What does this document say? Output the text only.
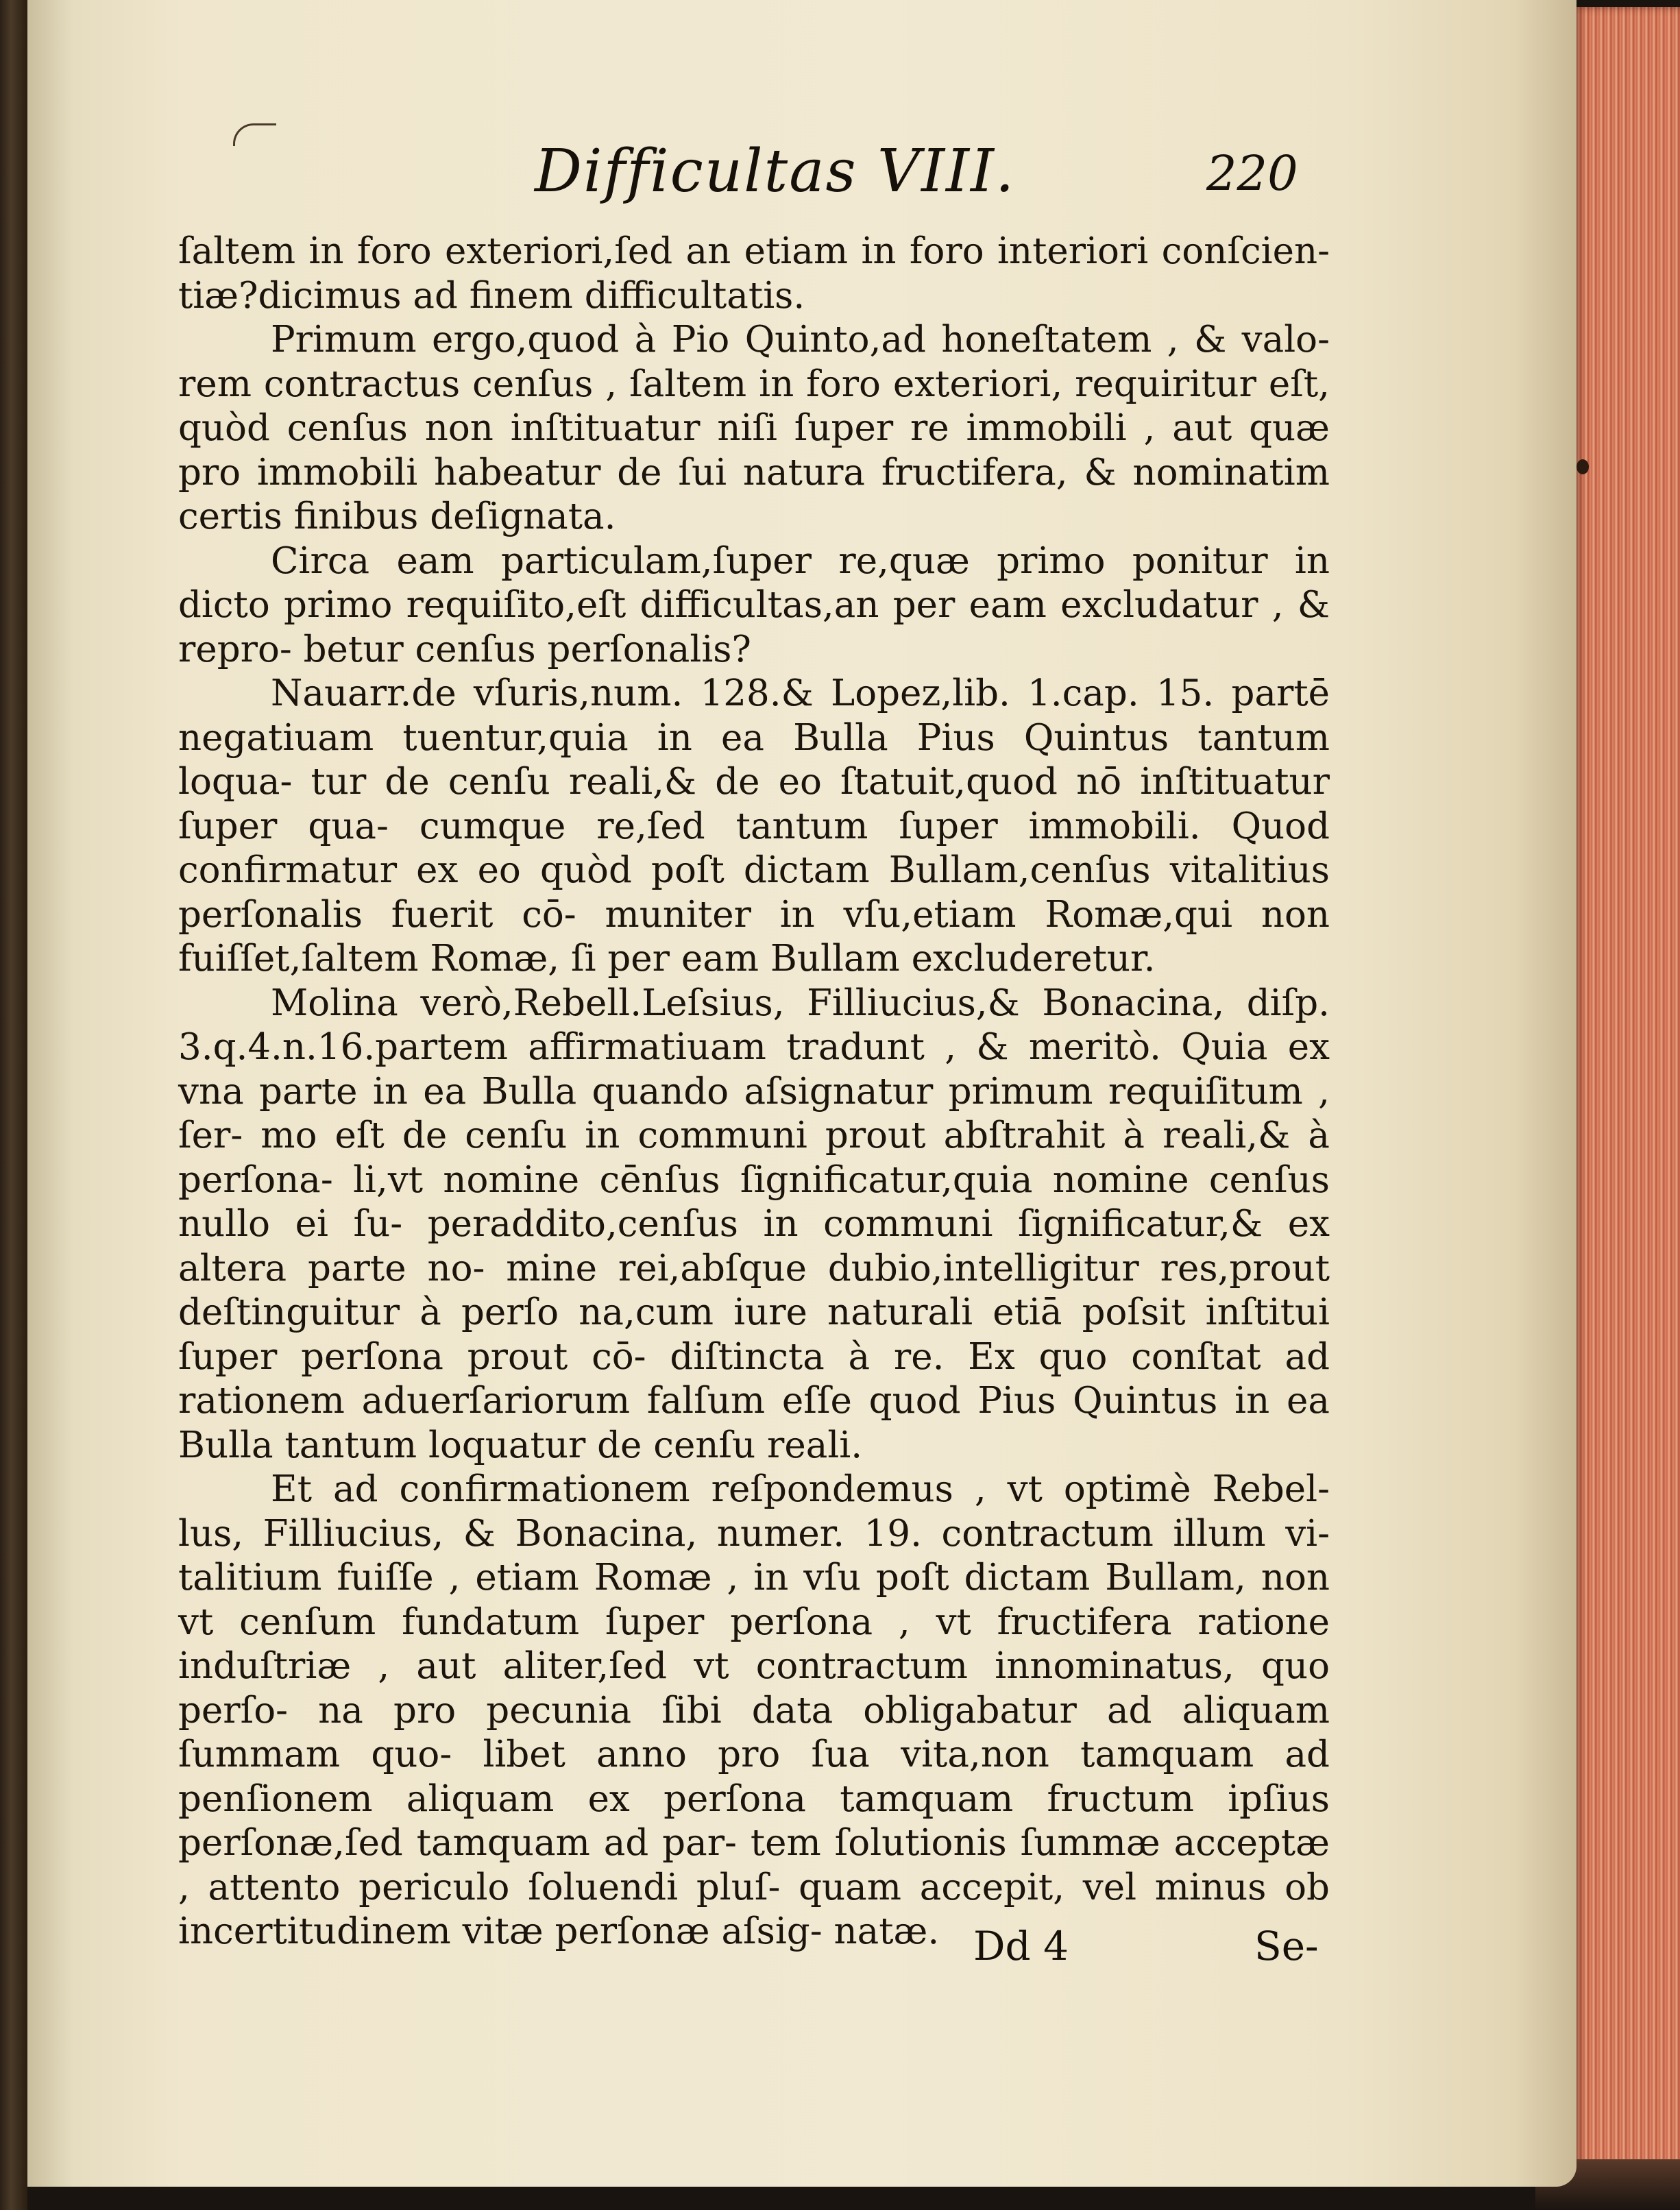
Difficultas VIII.	220

ſaltem in foro exteriori,ſed an etiam in foro interiori conſcien- tiæ?dicimus ad finem difficultatis.

Primum ergo,quod à Pio Quinto,ad honeſtatem , & valo- rem contractus cenſus , ſaltem in foro exteriori, requiritur eſt, quòd cenſus non inſtituatur niſi ſuper re immobili , aut quæ pro immobili habeatur de ſui natura fructifera, & nominatim certis finibus deſignata.

Circa eam particulam,ſuper re,quæ primo ponitur in dicto primo requiſito,eſt difficultas,an per eam excludatur , & repro- betur cenſus perſonalis?

Nauarr.de vſuris,num. 128.& Lopez,lib. 1.cap. 15. partē negatiuam tuentur,quia in ea Bulla Pius Quintus tantum loqua- tur de cenſu reali,& de eo ſtatuit,quod nō inſtituatur ſuper qua- cumque re,ſed tantum ſuper immobili. Quod confirmatur ex eo quòd poſt dictam Bullam,cenſus vitalitius perſonalis fuerit cō- muniter in vſu,etiam Romæ,qui non fuiſſet,ſaltem Romæ, ſi per eam Bullam excluderetur.

Molina verò,Rebell.Leſsius, Filliucius,& Bonacina, diſp. 3.q.4.n.16.partem affirmatiuam tradunt , & meritò. Quia ex vna parte in ea Bulla quando aſsignatur primum requiſitum , ſer- mo eſt de cenſu in communi prout abſtrahit à reali,& à perſona- li,vt nomine cēnſus ſignificatur,quia nomine cenſus nullo ei ſu- peraddito,cenſus in communi ſignificatur,& ex altera parte no- mine rei,abſque dubio,intelligitur res,prout deſtinguitur à perſo na,cum iure naturali etiā poſsit inſtitui ſuper perſona prout cō- diſtincta à re. Ex quo conſtat ad rationem aduerſariorum falſum eſſe quod Pius Quintus in ea Bulla tantum loquatur de cenſu reali.

Et ad confirmationem reſpondemus , vt optimè Rebel- lus, Filliucius, & Bonacina, numer. 19. contractum illum vi- talitium fuiſſe , etiam Romæ , in vſu poſt dictam Bullam, non vt cenſum fundatum ſuper perſona , vt fructifera ratione induſtriæ , aut aliter,ſed vt contractum innominatus, quo perſo- na pro pecunia ſibi data obligabatur ad aliquam ſummam quo- libet anno pro ſua vita,non tamquam ad penſionem aliquam ex perſona tamquam fructum ipſius perſonæ,ſed tamquam ad par- tem ſolutionis ſummæ acceptæ , attento periculo ſoluendi pluſ- quam accepit, vel minus ob incertitudinem vitæ perſonæ aſsig- natæ. Dd 4	Se-
